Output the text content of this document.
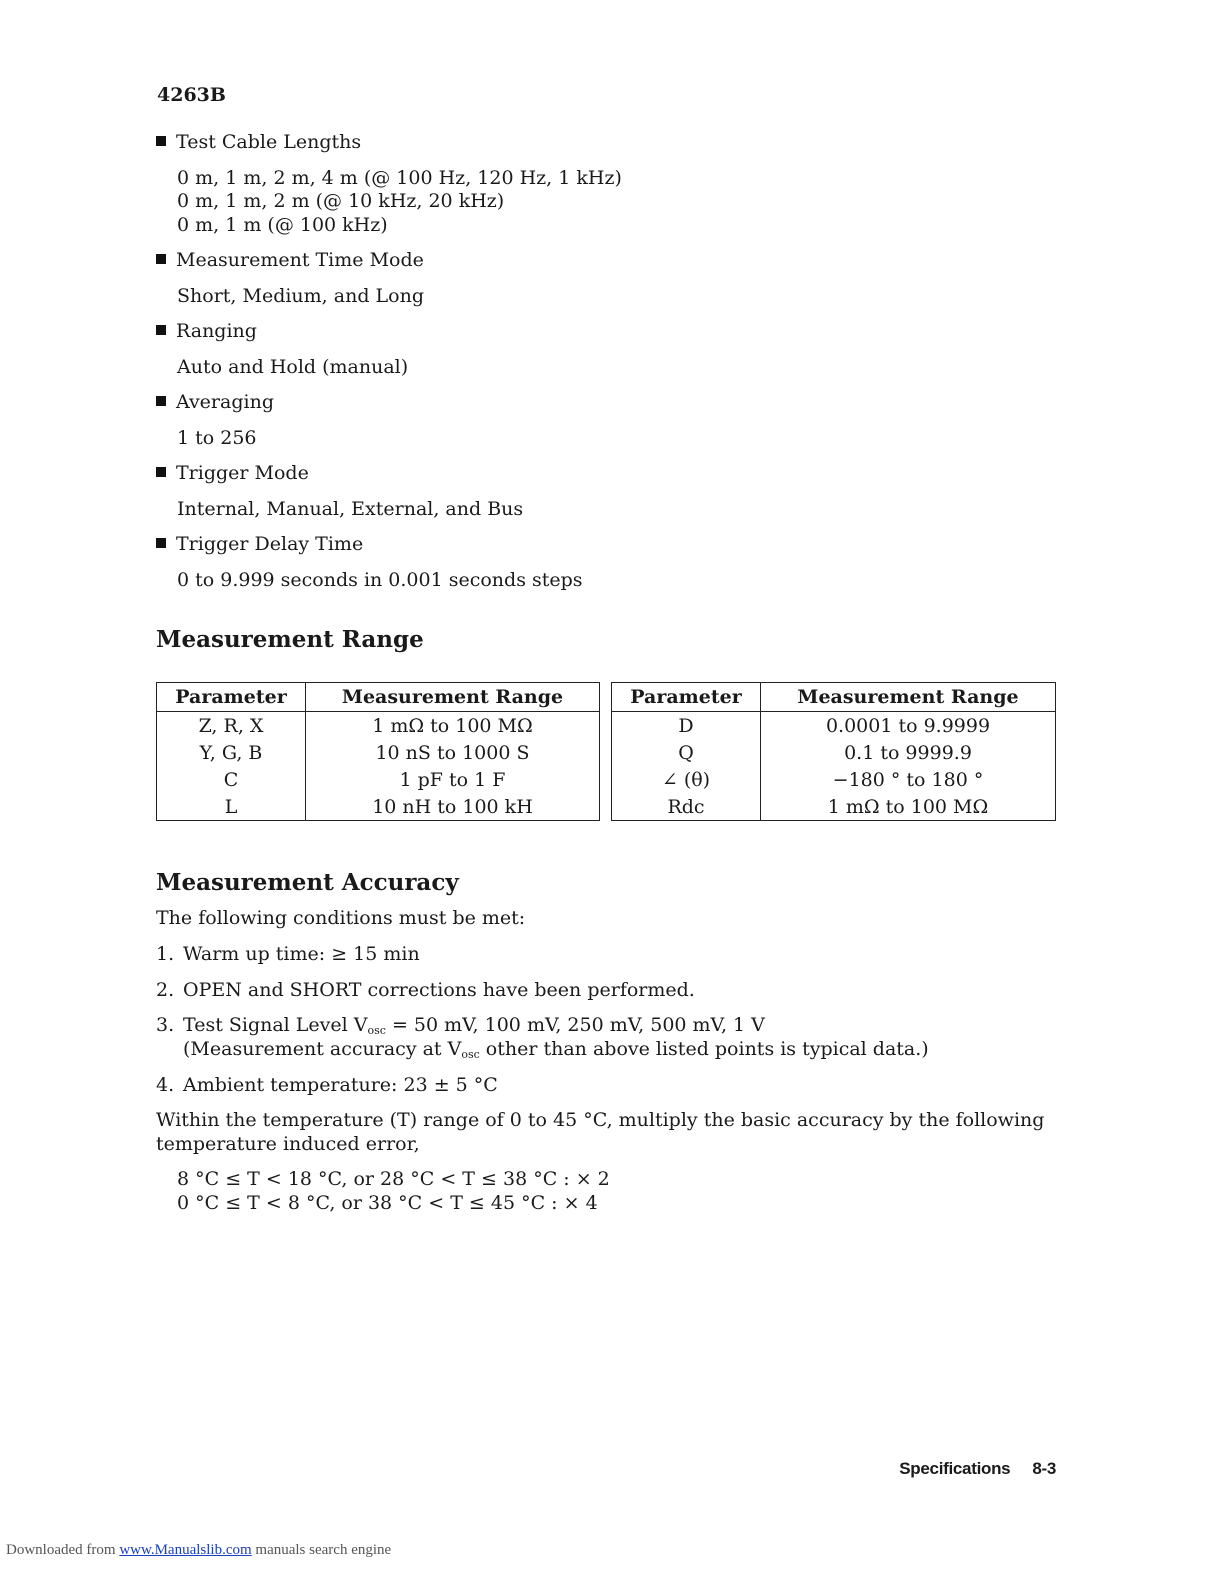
4263B
Test Cable Lengths
0 m, 1 m, 2 m, 4 m (@ 100 Hz, 120 Hz, 1 kHz)
0 m, 1 m, 2 m (@ 10 kHz, 20 kHz)
0 m, 1 m (@ 100 kHz)
Measurement Time Mode
Short, Medium, and Long
Ranging
Auto and Hold (manual)
Averaging
1 to 256
Trigger Mode
Internal, Manual, External, and Bus
Trigger Delay Time
0 to 9.999 seconds in 0.001 seconds steps
Measurement Range
Parameter	Measurement Range
Z, R, X	1 mΩ to 100 MΩ
Y, G, B	10 nS to 1000 S
C	1 pF to 1 F
L	10 nH to 100 kH
Parameter	Measurement Range
D	0.0001 to 9.9999
Q	0.1 to 9999.9
∠ (θ)	−180 ° to 180 °
Rdc	1 mΩ to 100 MΩ
Measurement Accuracy
The following conditions must be met:
1. Warm up time: ≥ 15 min
2. OPEN and SHORT corrections have been performed.
3. Test Signal Level $V_{osc} = 50$ mV, 100 mV, 250 mV, 500 mV, 1 V
(Measurement accuracy at $V_{osc}$ other than above listed points is typical data.)
4. Ambient temperature: 23 ± 5 °C
Within the temperature (T) range of 0 to 45 °C, multiply the basic accuracy by the following
temperature induced error,
8 °C ≤ T < 18 °C, or 28 °C < T ≤ 38 °C : × 2
0 °C ≤ T < 8 °C, or 38 °C < T ≤ 45 °C : × 4
Specifications 8-3
Downloaded from www.Manualslib.com manuals search engine
